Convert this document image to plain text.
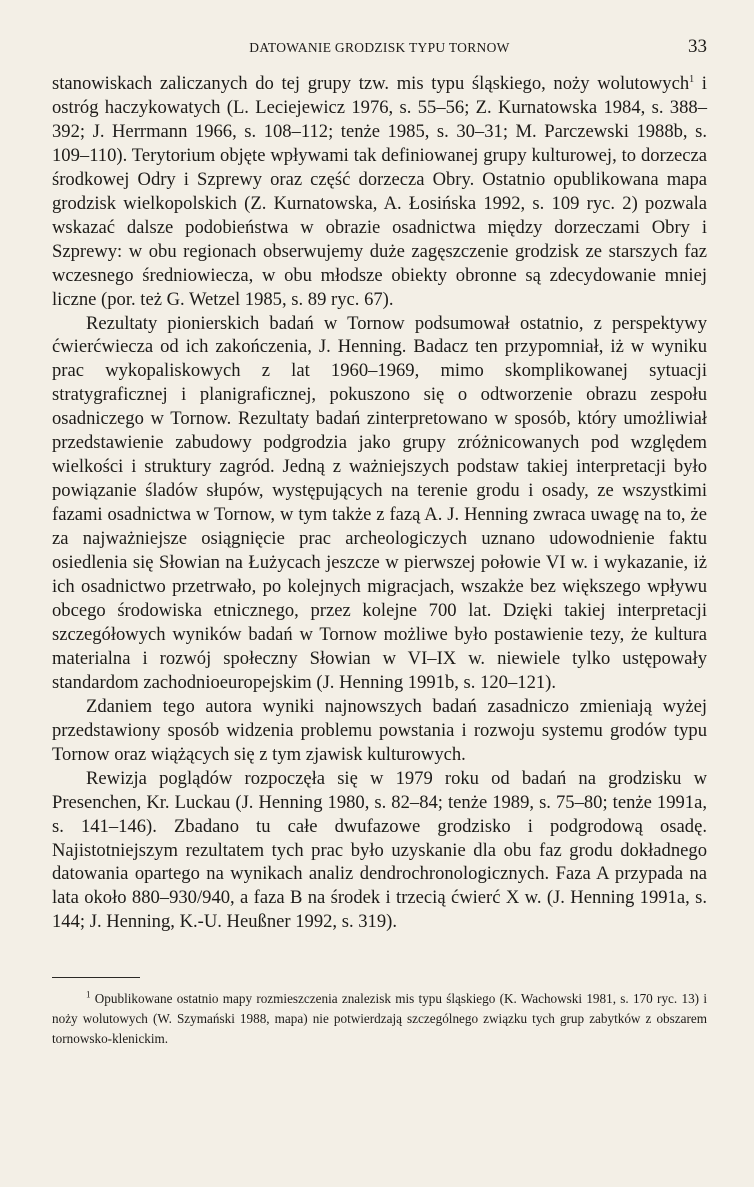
DATOWANIE GRODZISK TYPU TORNOW	33

stanowiskach zaliczanych do tej grupy tzw. mis typu śląskiego, noży wolutowych$^1$ i ostróg haczykowatych (L. Leciejewicz 1976, s. 55–56; Z. Kurnatowska 1984, s. 388–392; J. Herrmann 1966, s. 108–112; tenże 1985, s. 30–31; M. Parczewski 1988b, s. 109–110). Terytorium objęte wpływami tak definiowanej grupy kulturowej, to dorzecza środkowej Odry i Szprewy oraz część dorzecza Obry. Ostatnio opublikowana mapa grodzisk wielkopolskich (Z. Kurnatowska, A. Łosińska 1992, s. 109 ryc. 2) pozwala wskazać dalsze podobieństwa w obrazie osadnictwa między dorzeczami Obry i Szprewy: w obu regionach obserwujemy duże zagęszczenie grodzisk ze starszych faz wczesnego średniowiecza, w obu młodsze obiekty obronne są zdecydowanie mniej liczne (por. też G. Wetzel 1985, s. 89 ryc. 67).

Rezultaty pionierskich badań w Tornow podsumował ostatnio, z perspektywy ćwierćwiecza od ich zakończenia, J. Henning. Badacz ten przypomniał, iż w wyniku prac wykopaliskowych z lat 1960–1969, mimo skomplikowanej sytuacji stratygraficznej i planigraficznej, pokuszono się o odtworzenie obrazu zespołu osadniczego w Tornow. Rezultaty badań zinterpretowano w sposób, który umożliwiał przedstawienie zabudowy podgrodzia jako grupy zróżnicowanych pod względem wielkości i struktury zagród. Jedną z ważniejszych podstaw takiej interpretacji było powiązanie śladów słupów, występujących na terenie grodu i osady, ze wszystkimi fazami osadnictwa w Tornow, w tym także z fazą A. J. Henning zwraca uwagę na to, że za najważniejsze osiągnięcie prac archeologiczych uznano udowodnienie faktu osiedlenia się Słowian na Łużycach jeszcze w pierwszej połowie VI w. i wykazanie, iż ich osadnictwo przetrwało, po kolejnych migracjach, wszakże bez większego wpływu obcego środowiska etnicznego, przez kolejne 700 lat. Dzięki takiej interpretacji szczegółowych wyników badań w Tornow możliwe było postawienie tezy, że kultura materialna i rozwój społeczny Słowian w VI–IX w. niewiele tylko ustępowały standardom zachodnioeuropejskim (J. Henning 1991b, s. 120–121).

Zdaniem tego autora wyniki najnowszych badań zasadniczo zmieniają wyżej przedstawiony sposób widzenia problemu powstania i rozwoju systemu grodów typu Tornow oraz wiążących się z tym zjawisk kulturowych.

Rewizja poglądów rozpoczęła się w 1979 roku od badań na grodzisku w Presenchen, Kr. Luckau (J. Henning 1980, s. 82–84; tenże 1989, s. 75–80; tenże 1991a, s. 141–146). Zbadano tu całe dwufazowe grodzisko i podgrodową osadę. Najistotniejszym rezultatem tych prac było uzyskanie dla obu faz grodu dokładnego datowania opartego na wynikach analiz dendrochronologicznych. Faza A przypada na lata około 880–930/940, a faza B na środek i trzecią ćwierć X w. (J. Henning 1991a, s. 144; J. Henning, K.-U. Heußner 1992, s. 319).

$^1$ Opublikowane ostatnio mapy rozmieszczenia znalezisk mis typu śląskiego (K. Wachowski 1981, s. 170 ryc. 13) i noży wolutowych (W. Szymański 1988, mapa) nie potwierdzają szczególnego związku tych grup zabytków z obszarem tornowsko-klenickim.
